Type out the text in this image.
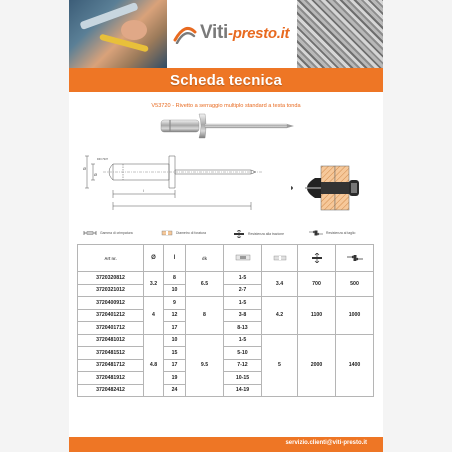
Viti-presto.it
Scheda tecnica
V53720 - Rivetto a serraggio multiplo standard a testa tonda
Ø
Ø
DIN 7337
l
Gamma di crimpatura	Diametro di foratura	Resistenza alla trazione	Resistenza al taglio
Art nr.	Ø	l	dk				
3720320812	3.2	8	6.5	1-5	3.4	700	500
3720321012		10		2-7			
3720400912	4	9	8	1-5	4.2	1100	1000
3720401212		12		3-8			
3720401712		17		8-13			
3720481012	4.8	10	9.5	1-5	5	2000	1400
3720481512		15		5-10			
3720481712		17		7-12			
3720481912		19		10-15			
3720482412		24		14-19			
servizio.clienti@viti-presto.it
